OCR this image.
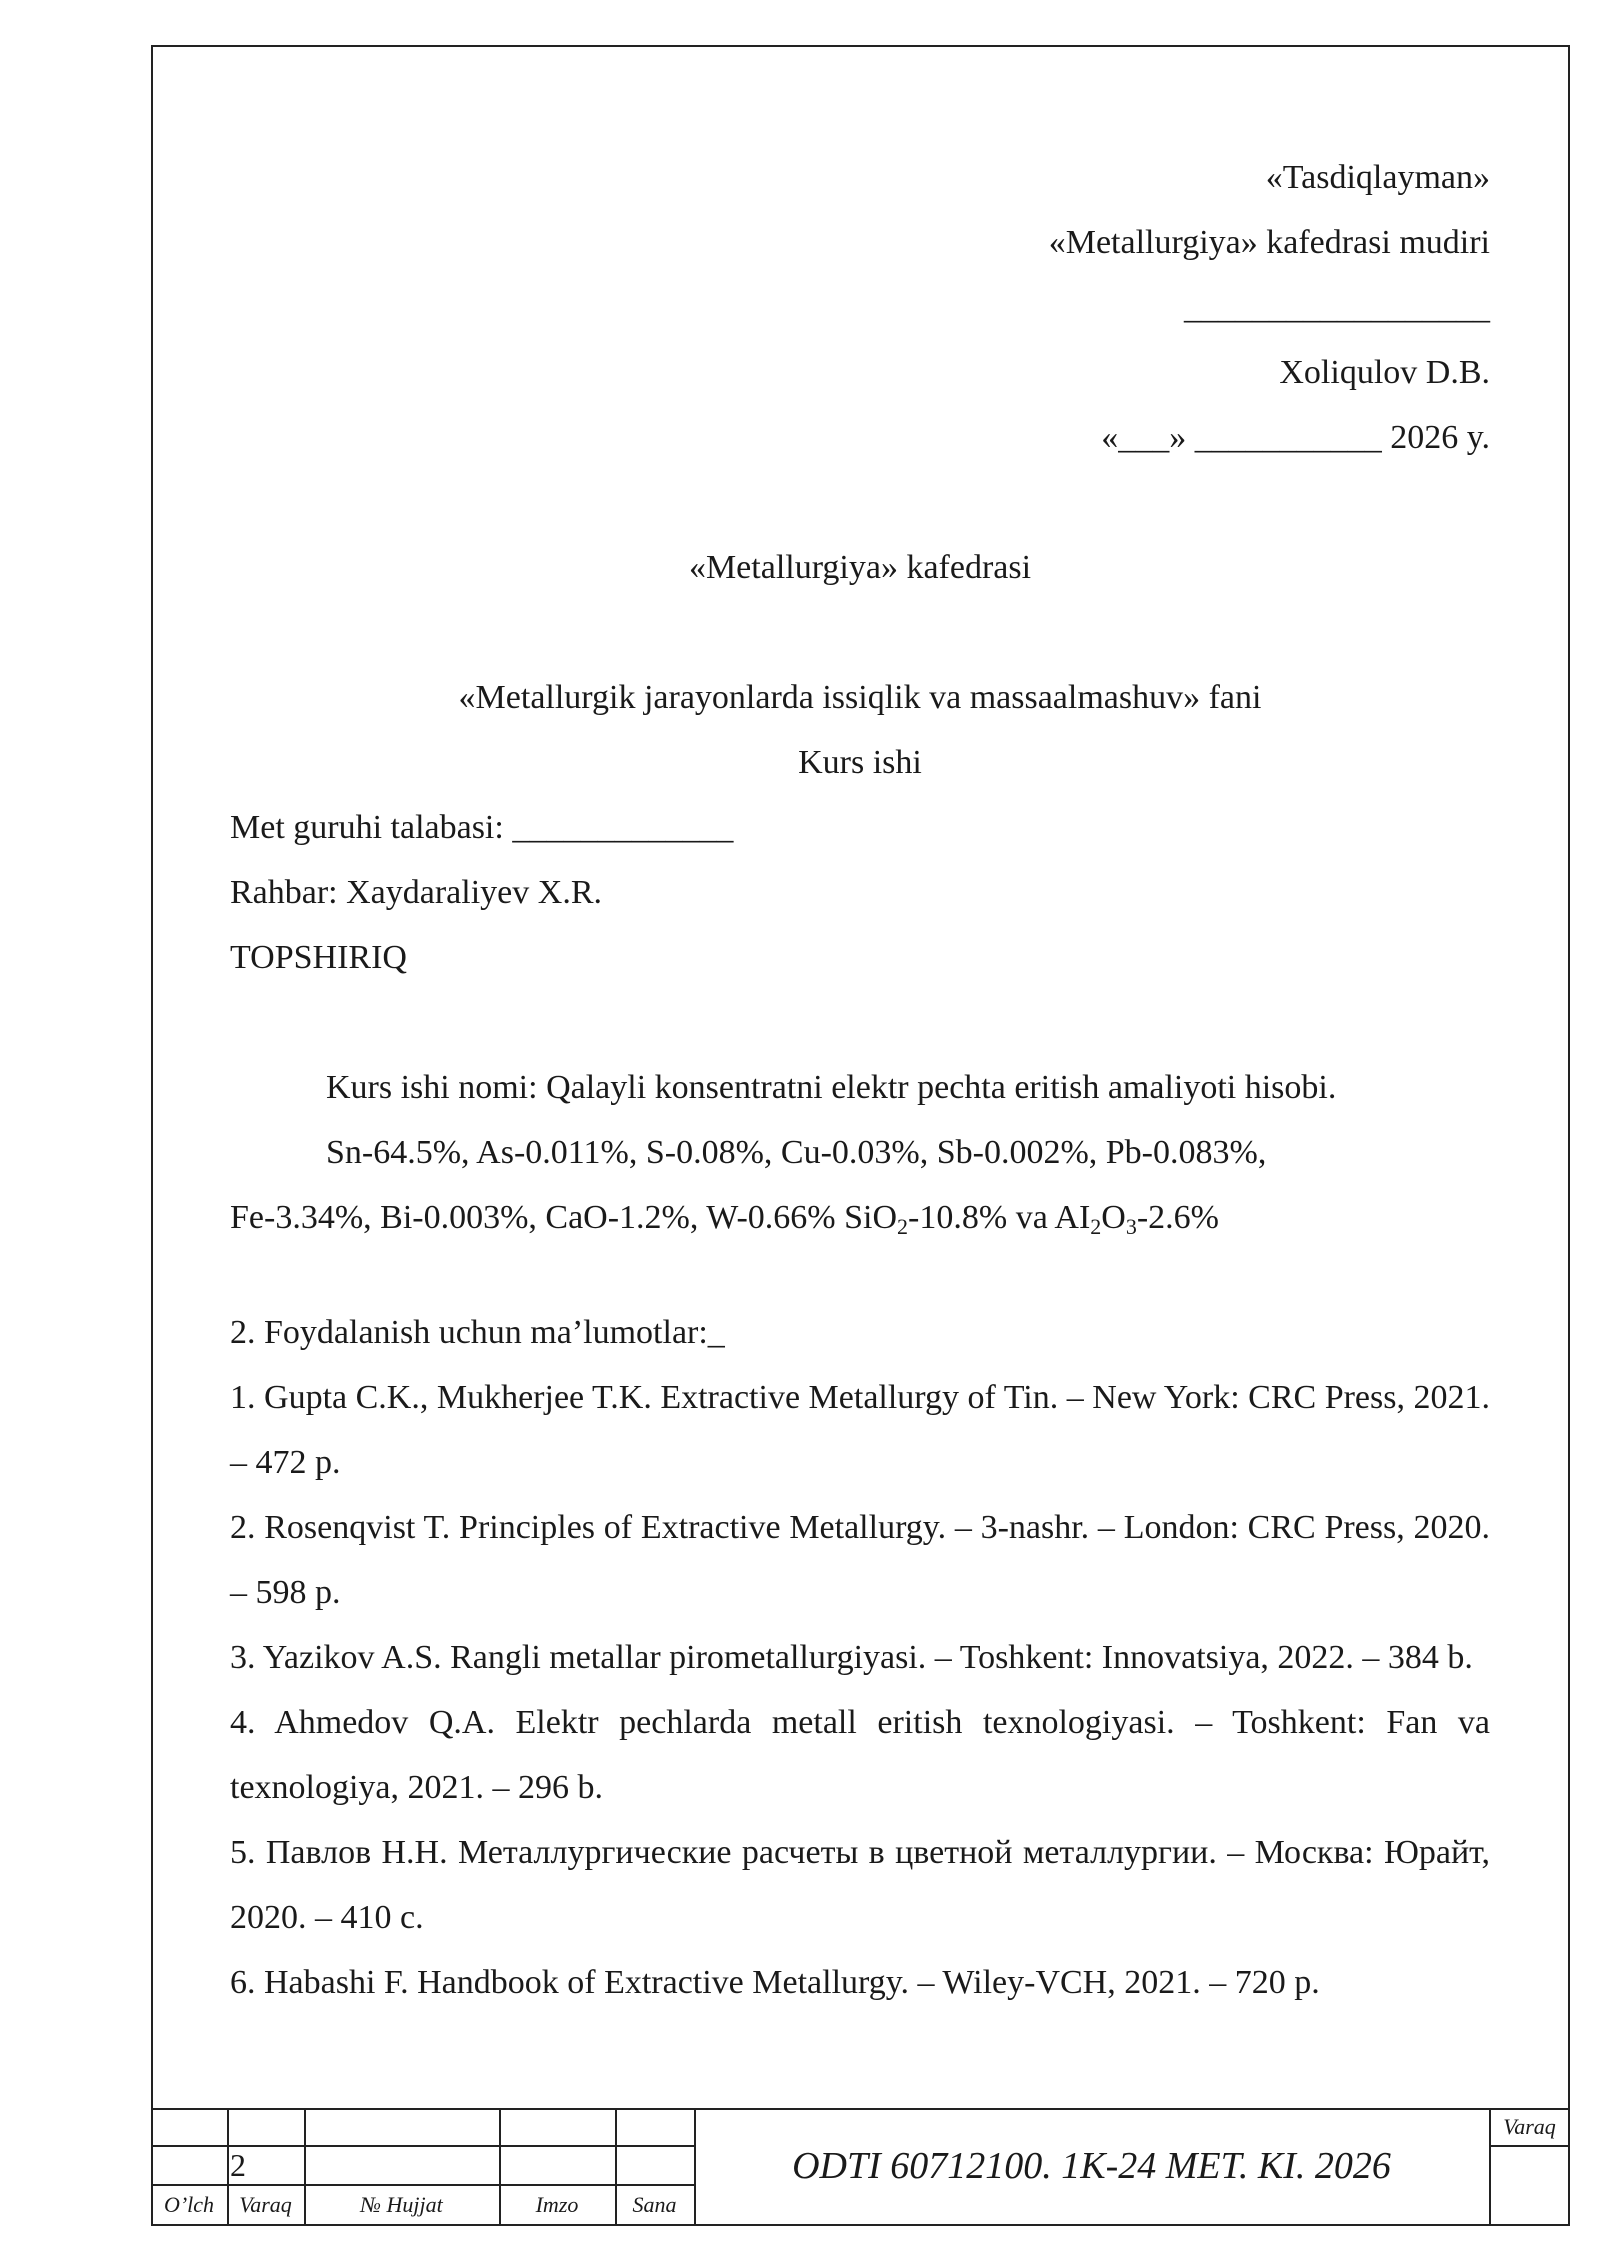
«Tasdiqlayman»
«Metallurgiya» kafedrasi mudiri
__________________
Xoliqulov D.B.
«___» ___________ 2026 y.
«Metallurgiya» kafedrasi
«Metallurgik jarayonlarda issiqlik va massaalmashuv» fani
Kurs ishi
Met guruhi talabasi: _____________
Rahbar: Xaydaraliyev X.R.
TOPSHIRIQ
Kurs ishi nomi: Qalayli konsentratni elektr pechta eritish amaliyoti hisobi.
Sn-64.5%, As-0.011%, S-0.08%, Cu-0.03%, Sb-0.002%, Pb-0.083%,
Fe-3.34%, Bi-0.003%, CaO-1.2%, W-0.66% SiO$_2$-10.8% va $AI_2O_3-2.6\%$
2. Foydalanish uchun ma’lumotlar:_
1. Gupta C.K., Mukherjee T.K. Extractive Metallurgy of Tin. – New York: CRC Press, 2021. – 472 p.
2. Rosenqvist T. Principles of Extractive Metallurgy. – 3-nashr. – London: CRC Press, 2020. – 598 p.
3. Yazikov A.S. Rangli metallar pirometallurgiyasi. – Toshkent: Innovatsiya, 2022. – 384 b.
4. Ahmedov Q.A. Elektr pechlarda metall eritish texnologiyasi. – Toshkent: Fan va texnologiya, 2021. – 296 b.
5. Павлов Н.Н. Металлургические расчеты в цветной металлургии. – Москва: Юрайт, 2020. – 410 с.
6. Habashi F. Handbook of Extractive Metallurgy. – Wiley-VCH, 2021. – 720 p.
2
O’lch	Varaq	№ Hujjat	Imzo	Sana
Varaq
ODTI 60712100. 1K-24 MET. KI. 2026
